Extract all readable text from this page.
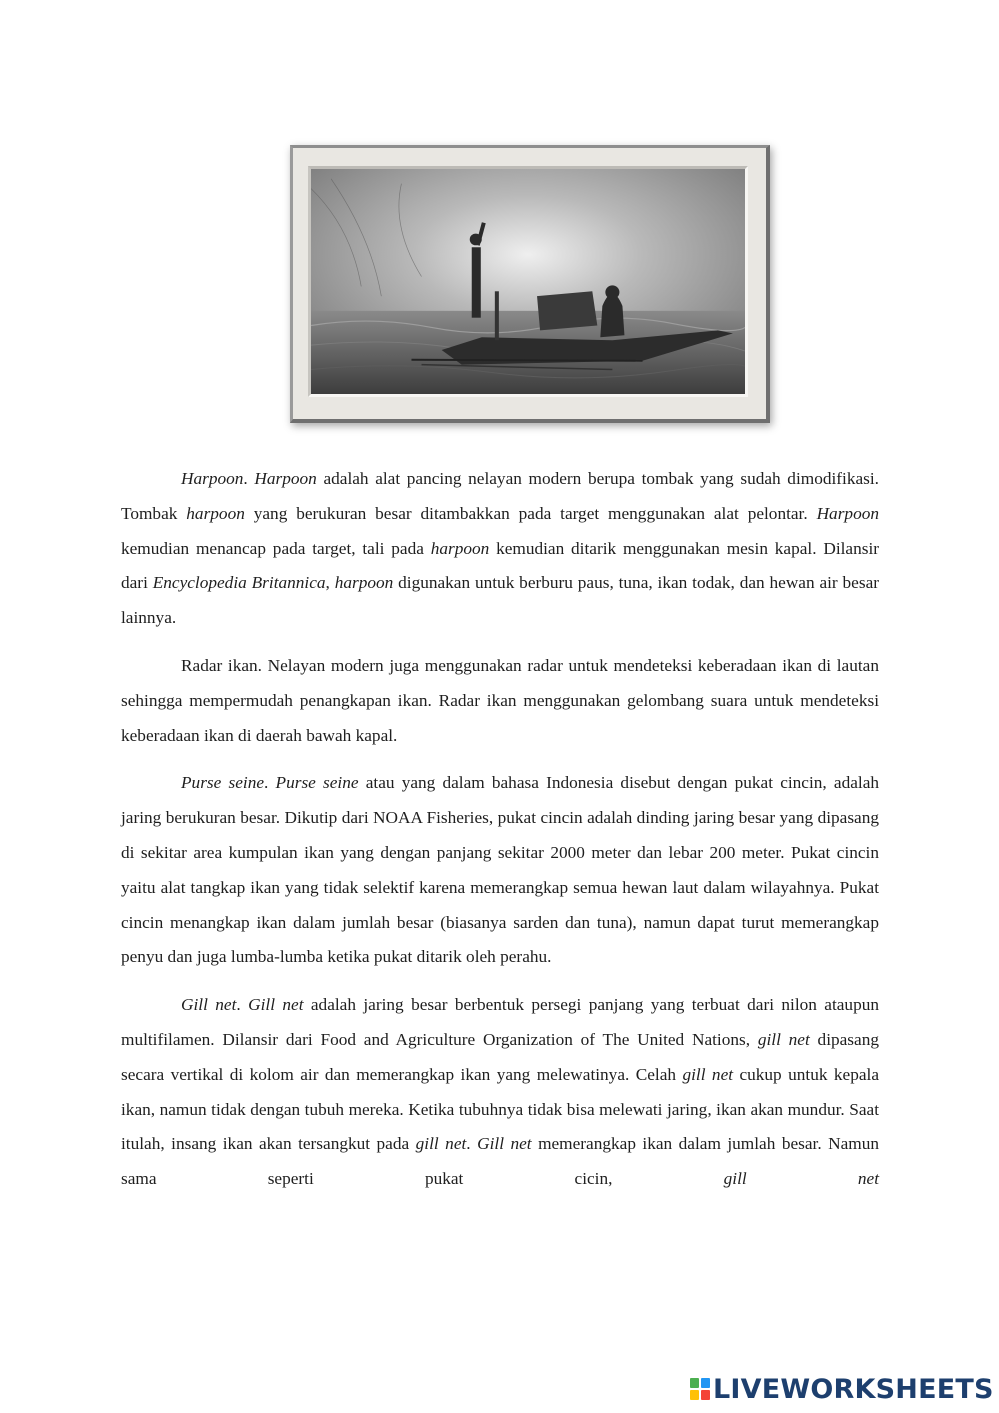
Harpoon. Harpoon adalah alat pancing nelayan modern berupa tombak yang sudah dimodifikasi. Tombak harpoon yang berukuran besar ditambakkan pada target menggunakan alat pelontar. Harpoon kemudian menancap pada target, tali pada harpoon kemudian ditarik menggunakan mesin kapal. Dilansir dari Encyclopedia Britannica, harpoon digunakan untuk berburu paus, tuna, ikan todak, dan hewan air besar lainnya.

Radar ikan. Nelayan modern juga menggunakan radar untuk mendeteksi keberadaan ikan di lautan sehingga mempermudah penangkapan ikan. Radar ikan menggunakan gelombang suara untuk mendeteksi keberadaan ikan di daerah bawah kapal.

Purse seine. Purse seine atau yang dalam bahasa Indonesia disebut dengan pukat cincin, adalah jaring berukuran besar. Dikutip dari NOAA Fisheries, pukat cincin adalah dinding jaring besar yang dipasang di sekitar area kumpulan ikan yang dengan panjang sekitar 2000 meter dan lebar 200 meter. Pukat cincin yaitu alat tangkap ikan yang tidak selektif karena memerangkap semua hewan laut dalam wilayahnya. Pukat cincin menangkap ikan dalam jumlah besar (biasanya sarden dan tuna), namun dapat turut memerangkap penyu dan juga lumba-lumba ketika pukat ditarik oleh perahu.

Gill net. Gill net adalah jaring besar berbentuk persegi panjang yang terbuat dari nilon ataupun multifilamen. Dilansir dari Food and Agriculture Organization of The United Nations, gill net dipasang secara vertikal di kolom air dan memerangkap ikan yang melewatinya. Celah gill net cukup untuk kepala ikan, namun tidak dengan tubuh mereka. Ketika tubuhnya tidak bisa melewati jaring, ikan akan mundur. Saat itulah, insang ikan akan tersangkut pada gill net. Gill net memerangkap ikan dalam jumlah besar. Namun sama seperti pukat cicin, gill net

LIVEWORKSHEETS
